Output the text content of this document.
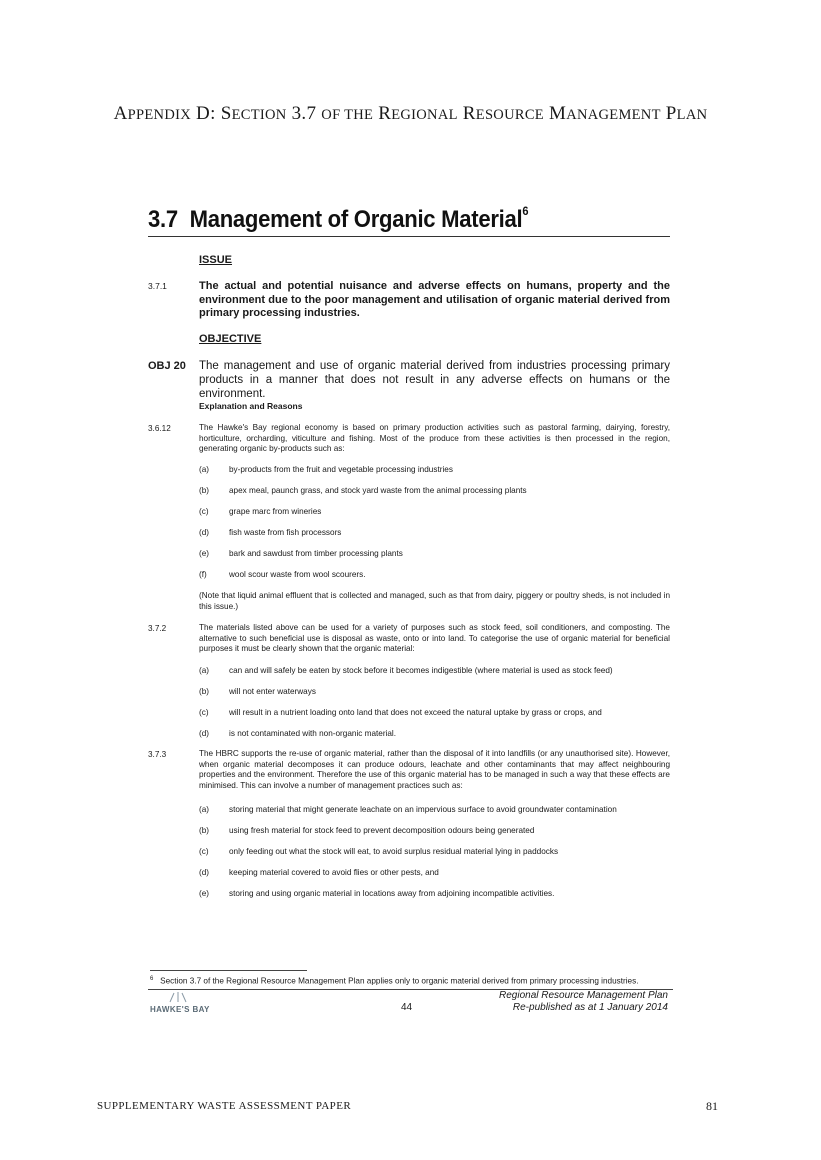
APPENDIX D: SECTION 3.7 OF THE REGIONAL RESOURCE MANAGEMENT PLAN
3.7 Management of Organic Material$^6$
ISSUE
3.7.1	The actual and potential nuisance and adverse effects on humans, property and the environment due to the poor management and utilisation of organic material derived from primary processing industries.
OBJECTIVE
OBJ 20 The management and use of organic material derived from industries processing primary products in a manner that does not result in any adverse effects on humans or the environment.
Explanation and Reasons
3.6.12	The Hawke's Bay regional economy is based on primary production activities such as pastoral farming, dairying, forestry, horticulture, orcharding, viticulture and fishing. Most of the produce from these activities is then processed in the region, generating organic by-products such as:
(a) by-products from the fruit and vegetable processing industries
(b) apex meal, paunch grass, and stock yard waste from the animal processing plants
(c) grape marc from wineries
(d) fish waste from fish processors
(e) bark and sawdust from timber processing plants
(f)	wool scour waste from wool scourers.
(Note that liquid animal effluent that is collected and managed, such as that from dairy, piggery or poultry sheds, is not included in this issue.)
3.7.2	The materials listed above can be used for a variety of purposes such as stock feed, soil conditioners, and composting. The alternative to such beneficial use is disposal as waste, onto or into land. To categorise the use of organic material for beneficial purposes it must be clearly shown that the organic material:
(a) can and will safely be eaten by stock before it becomes indigestible (where material is used as stock feed)
(b) will not enter waterways
(c) will result in a nutrient loading onto land that does not exceed the natural uptake by grass or crops, and
(d) is not contaminated with non-organic material.
3.7.3	The HBRC supports the re-use of organic material, rather than the disposal of it into landfills (or any unauthorised site). However, when organic material decomposes it can produce odours, leachate and other contaminants that may affect neighbouring properties and the environment. Therefore the use of this organic material has to be managed in such a way that these effects are minimised. This can involve a number of management practices such as:
(a) storing material that might generate leachate on an impervious surface to avoid groundwater contamination
(b) using fresh material for stock feed to prevent decomposition odours being generated
(c) only feeding out what the stock will eat, to avoid surplus residual material lying in paddocks
(d) keeping material covered to avoid flies or other pests, and
(e) storing and using organic material in locations away from adjoining incompatible activities.
$^6$ Section 3.7 of the Regional Resource Management Plan applies only to organic material derived from primary processing industries.
HAWKE'S BAY	44
Regional Resource Management Plan
Re-published as at 1 January 2014
SUPPLEMENTARY WASTE ASSESSMENT PAPER	81
